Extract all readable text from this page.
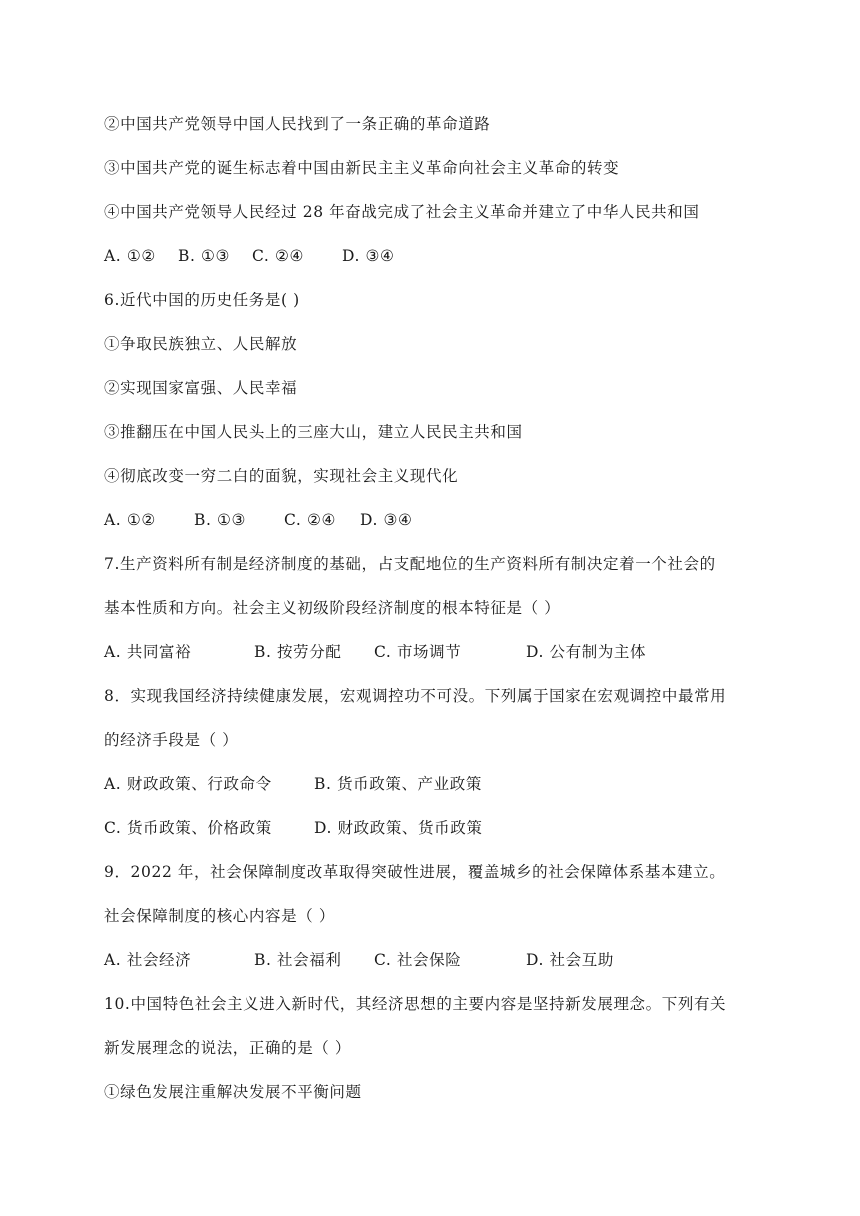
②中国共产党领导中国人民找到了一条正确的革命道路
③中国共产党的诞生标志着中国由新民主主义革命向社会主义革命的转变
④中国共产党领导人民经过 28 年奋战完成了社会主义革命并建立了中华人民共和国
A. ①② B. ①③ C. ②④ D. ③④
6.近代中国的历史任务是( )
①争取民族独立、人民解放
②实现国家富强、人民幸福
③推翻压在中国人民头上的三座大山，建立人民民主共和国
④彻底改变一穷二白的面貌，实现社会主义现代化
A. ①② B. ①③ C. ②④ D. ③④
7.生产资料所有制是经济制度的基础，占支配地位的生产资料所有制决定着一个社会的
基本性质和方向。社会主义初级阶段经济制度的根本特征是（ ）
A. 共同富裕	B. 按劳分配 C. 市场调节	D. 公有制为主体
8．实现我国经济持续健康发展，宏观调控功不可没。下列属于国家在宏观调控中最常用
的经济手段是（ ）
A. 财政政策、行政命令	B. 货币政策、产业政策
C. 货币政策、价格政策	D. 财政政策、货币政策
9．2022 年，社会保障制度改革取得突破性进展，覆盖城乡的社会保障体系基本建立。
社会保障制度的核心内容是（ ）
A. 社会经济	B. 社会福利 C. 社会保险	D. 社会互助
10.中国特色社会主义进入新时代，其经济思想的主要内容是坚持新发展理念。下列有关
新发展理念的说法，正确的是（ ）
①绿色发展注重解决发展不平衡问题
